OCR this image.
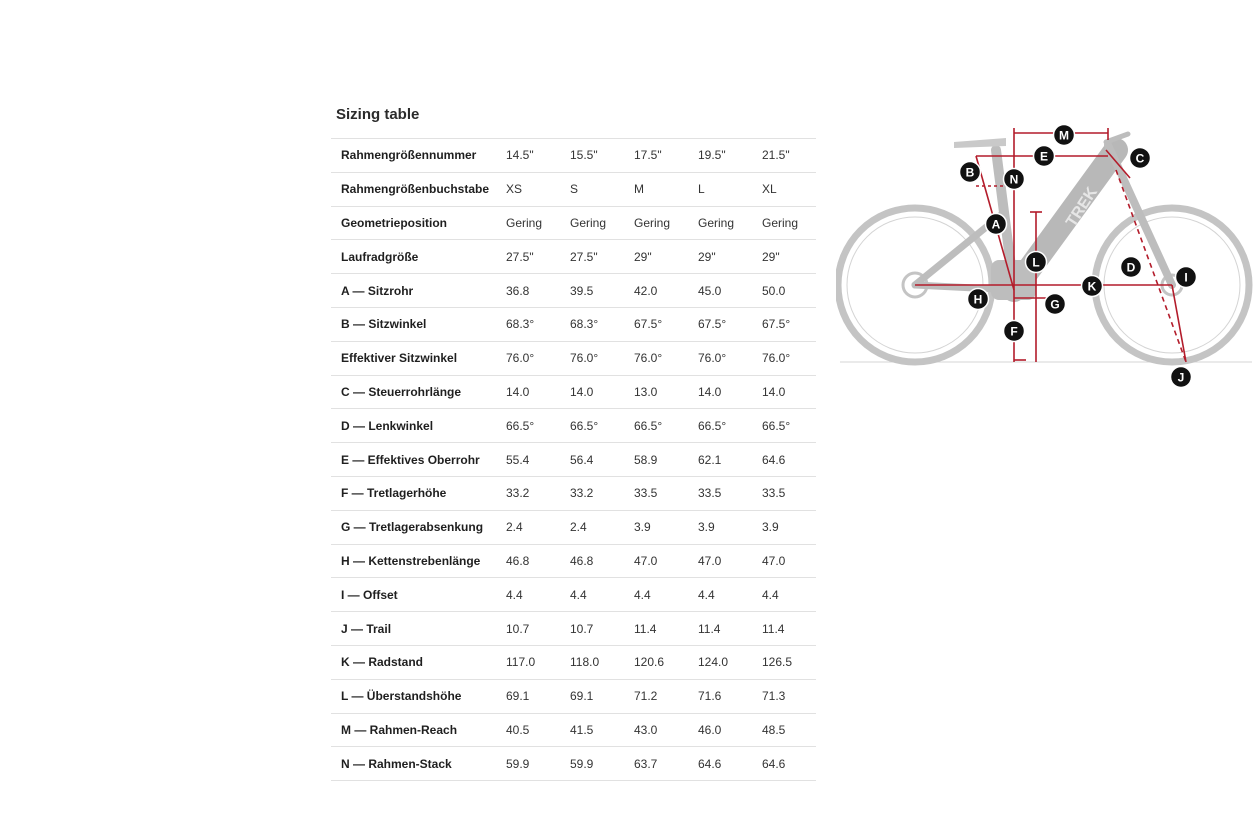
Sizing table
Rahmengrößennummer	14.5"	15.5"	17.5"	19.5"	21.5"
Rahmengrößenbuchstabe	XS	S	M	L	XL
Geometrieposition	Gering	Gering	Gering	Gering	Gering
Laufradgröße	27.5"	27.5"	29"	29"	29"
A — Sitzrohr	36.8	39.5	42.0	45.0	50.0
B — Sitzwinkel	68.3°	68.3°	67.5°	67.5°	67.5°
Effektiver Sitzwinkel	76.0°	76.0°	76.0°	76.0°	76.0°
C — Steuerrohrlänge	14.0	14.0	13.0	14.0	14.0
D — Lenkwinkel	66.5°	66.5°	66.5°	66.5°	66.5°
E — Effektives Oberrohr	55.4	56.4	58.9	62.1	64.6
F — Tretlagerhöhe	33.2	33.2	33.5	33.5	33.5
G — Tretlagerabsenkung	2.4	2.4	3.9	3.9	3.9
H — Kettenstrebenlänge	46.8	46.8	47.0	47.0	47.0
I — Offset	4.4	4.4	4.4	4.4	4.4
J — Trail	10.7	10.7	11.4	11.4	11.4
K — Radstand	117.0	118.0	120.6	124.0	126.5
L — Überstandshöhe	69.1	69.1	71.2	71.6	71.3
M — Rahmen-Reach	40.5	41.5	43.0	46.0	48.5
N — Rahmen-Stack	59.9	59.9	63.7	64.6	64.6
TREK
M
E	C
B	N
A
L	D
I
K
H	G
F
J
